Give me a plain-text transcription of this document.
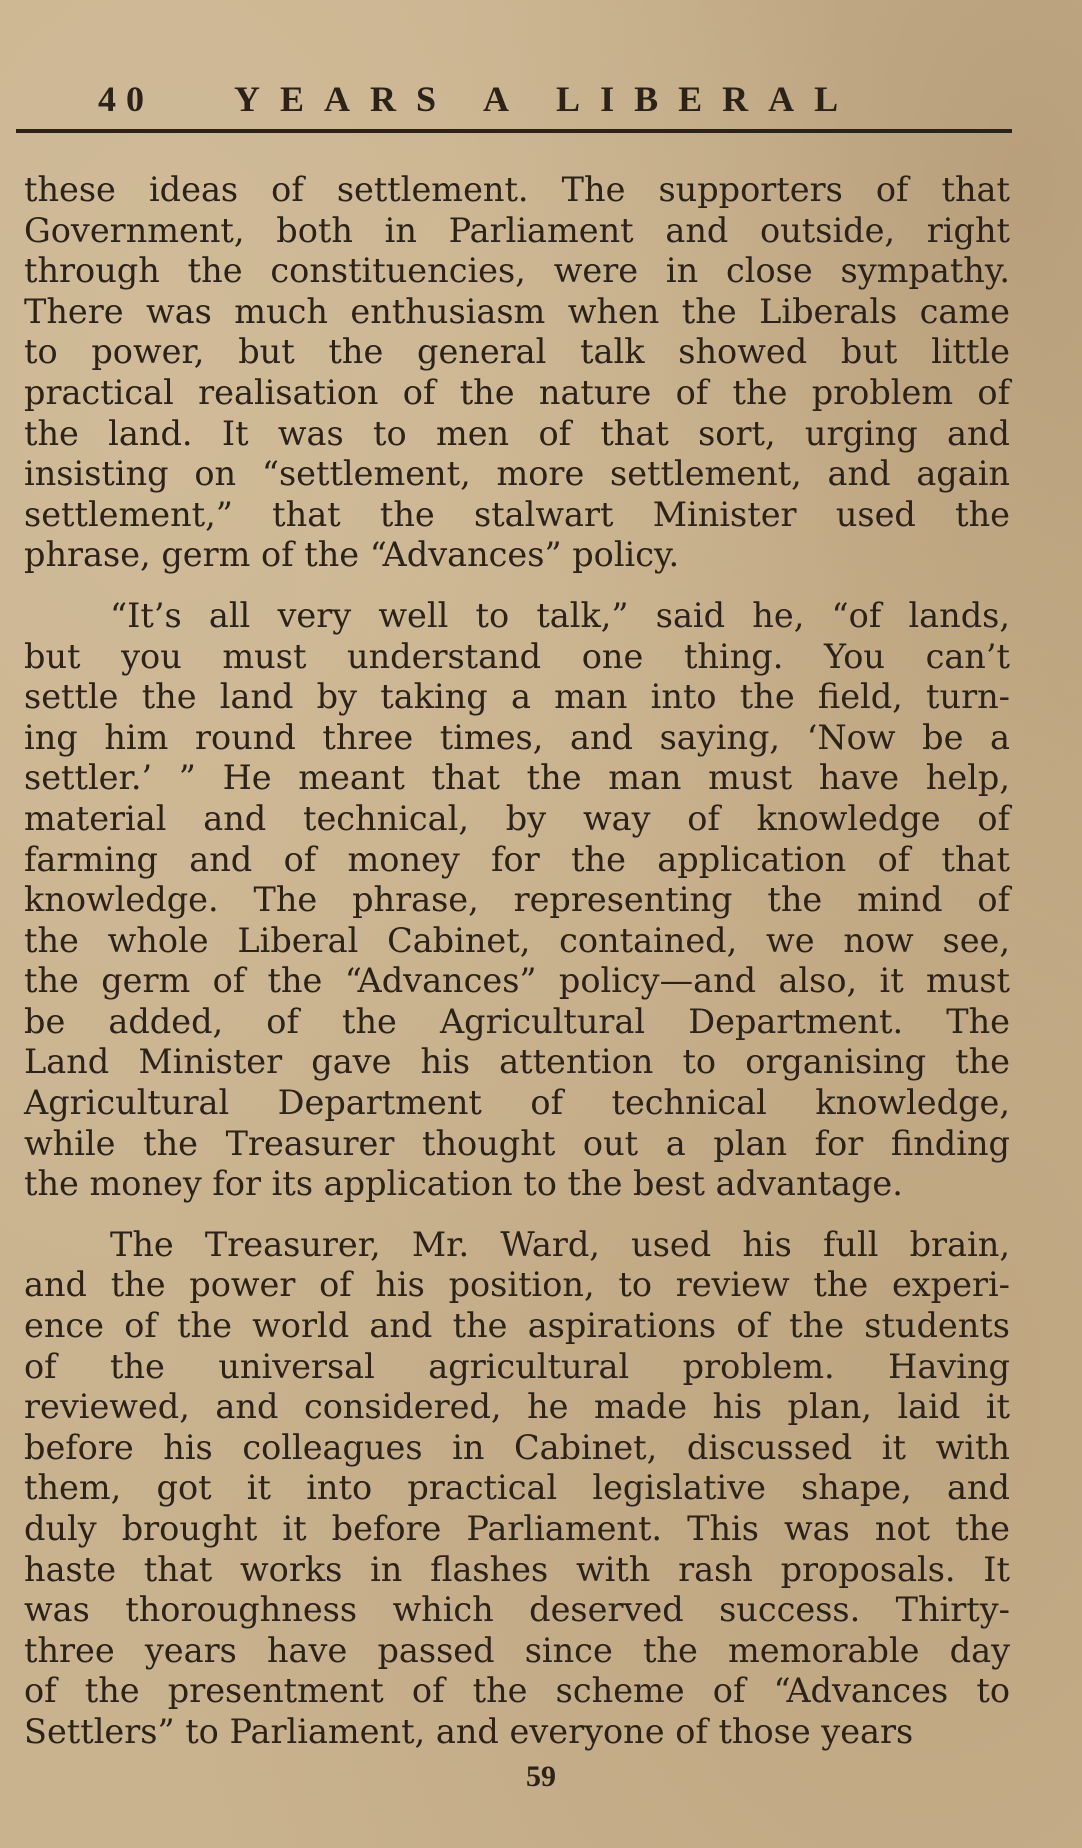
40 YEARS A LIBERAL
these ideas of settlement. The supporters of that
Government, both in Parliament and outside, right
through the constituencies, were in close sympathy.
There was much enthusiasm when the Liberals came
to power, but the general talk showed but little
practical realisation of the nature of the problem of
the land. It was to men of that sort, urging and
insisting on “settlement, more settlement, and again
settlement,” that the stalwart Minister used the
phrase, germ of the “Advances” policy.
“It’s all very well to talk,” said he, “of lands,
but you must understand one thing. You can’t
settle the land by taking a man into the field, turn-
ing him round three times, and saying, ‘Now be a
settler.’ ” He meant that the man must have help,
material and technical, by way of knowledge of
farming and of money for the application of that
knowledge. The phrase, representing the mind of
the whole Liberal Cabinet, contained, we now see,
the germ of the “Advances” policy—and also, it must
be added, of the Agricultural Department. The
Land Minister gave his attention to organising the
Agricultural Department of technical knowledge,
while the Treasurer thought out a plan for finding
the money for its application to the best advantage.
The Treasurer, Mr. Ward, used his full brain,
and the power of his position, to review the experi-
ence of the world and the aspirations of the students
of the universal agricultural problem. Having
reviewed, and considered, he made his plan, laid it
before his colleagues in Cabinet, discussed it with
them, got it into practical legislative shape, and
duly brought it before Parliament. This was not the
haste that works in flashes with rash proposals. It
was thoroughness which deserved success. Thirty-
three years have passed since the memorable day
of the presentment of the scheme of “Advances to
Settlers” to Parliament, and everyone of those years
59
